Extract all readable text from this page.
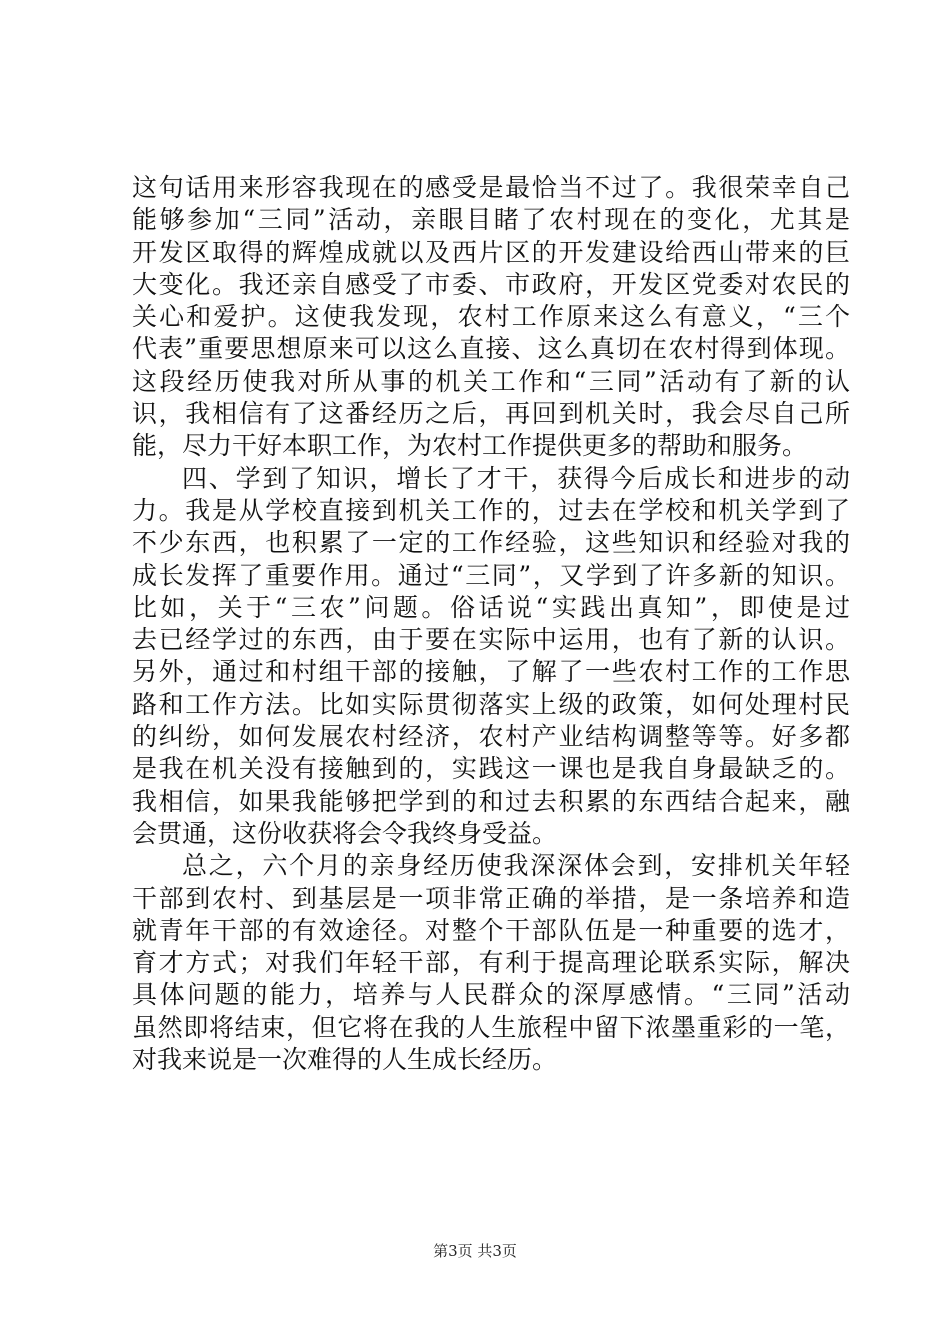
这句话用来形容我现在的感受是最恰当不过了。我很荣幸自己
能够参加“三同”活动，亲眼目睹了农村现在的变化，尤其是
开发区取得的辉煌成就以及西片区的开发建设给西山带来的巨
大变化。我还亲自感受了市委、市政府，开发区党委对农民的
关心和爱护。这使我发现，农村工作原来这么有意义，“三个
代表”重要思想原来可以这么直接、这么真切在农村得到体现。
这段经历使我对所从事的机关工作和“三同”活动有了新的认
识，我相信有了这番经历之后，再回到机关时，我会尽自己所
能，尽力干好本职工作，为农村工作提供更多的帮助和服务。
四、学到了知识，增长了才干，获得今后成长和进步的动
力。我是从学校直接到机关工作的，过去在学校和机关学到了
不少东西，也积累了一定的工作经验，这些知识和经验对我的
成长发挥了重要作用。通过“三同”，又学到了许多新的知识。
比如，关于“三农”问题。俗话说“实践出真知”，即使是过
去已经学过的东西，由于要在实际中运用，也有了新的认识。
另外，通过和村组干部的接触，了解了一些农村工作的工作思
路和工作方法。比如实际贯彻落实上级的政策，如何处理村民
的纠纷，如何发展农村经济，农村产业结构调整等等。好多都
是我在机关没有接触到的，实践这一课也是我自身最缺乏的。
我相信，如果我能够把学到的和过去积累的东西结合起来，融
会贯通，这份收获将会令我终身受益。
总之，六个月的亲身经历使我深深体会到，安排机关年轻
干部到农村、到基层是一项非常正确的举措，是一条培养和造
就青年干部的有效途径。对整个干部队伍是一种重要的选才，
育才方式；对我们年轻干部，有利于提高理论联系实际，解决
具体问题的能力，培养与人民群众的深厚感情。“三同”活动
虽然即将结束，但它将在我的人生旅程中留下浓墨重彩的一笔，
对我来说是一次难得的人生成长经历。
第3页 共3页
